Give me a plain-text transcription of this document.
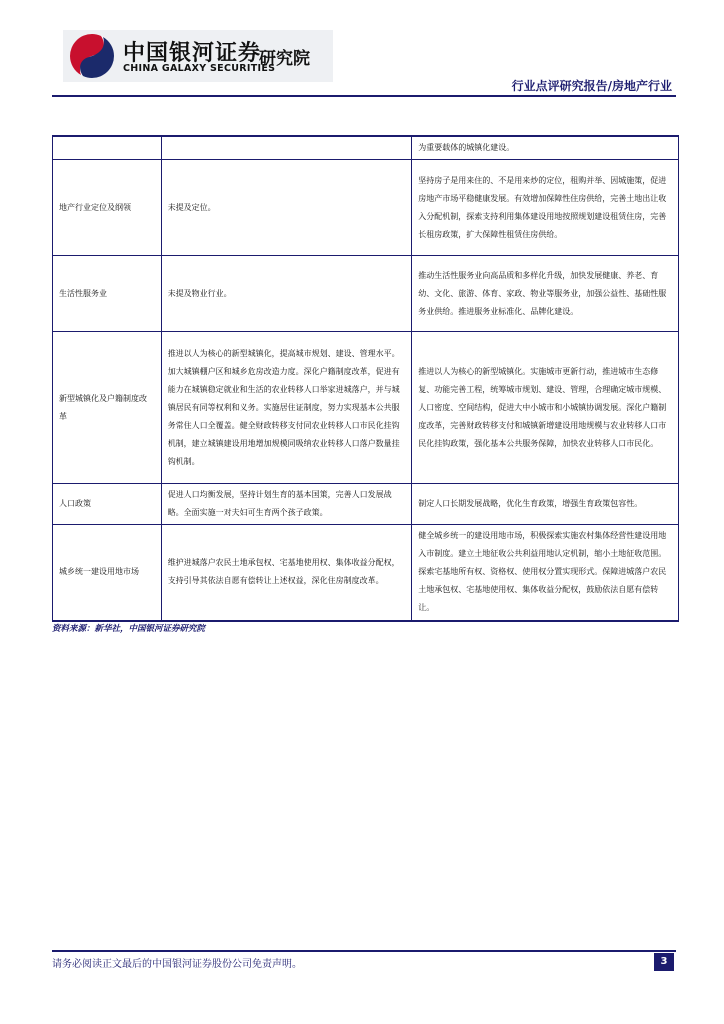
中国银河证券
CHINA GALAXY SECURITIES
研究院
行业点评研究报告/房地产行业
		为重要载体的城镇化建设。
地产行业定位及纲领	未提及定位。	坚持房子是用来住的、不是用来炒的定位，租购并举、因城施策，促进房地产市场平稳健康发展。有效增加保障性住房供给，完善土地出让收入分配机制，探索支持利用集体建设用地按照规划建设租赁住房，完善长租房政策，扩大保障性租赁住房供给。
生活性服务业	未提及物业行业。	推动生活性服务业向高品质和多样化升级，加快发展健康、养老、育幼、文化、旅游、体育、家政、物业等服务业，加强公益性、基础性服务业供给。推进服务业标准化、品牌化建设。
新型城镇化及户籍制度改革	推进以人为核心的新型城镇化，提高城市规划、建设、管理水平。加大城镇棚户区和城乡危房改造力度。深化户籍制度改革，促进有能力在城镇稳定就业和生活的农业转移人口举家进城落户，并与城镇居民有同等权利和义务。实施居住证制度，努力实现基本公共服务常住人口全覆盖。健全财政转移支付同农业转移人口市民化挂钩机制，建立城镇建设用地增加规模同吸纳农业转移人口落户数量挂钩机制。	推进以人为核心的新型城镇化。实施城市更新行动，推进城市生态修复、功能完善工程，统筹城市规划、建设、管理，合理确定城市规模、人口密度、空间结构，促进大中小城市和小城镇协调发展。深化户籍制度改革，完善财政转移支付和城镇新增建设用地规模与农业转移人口市民化挂钩政策，强化基本公共服务保障，加快农业转移人口市民化。
人口政策	促进人口均衡发展，坚持计划生育的基本国策，完善人口发展战略。全面实施一对夫妇可生育两个孩子政策。	制定人口长期发展战略，优化生育政策，增强生育政策包容性。
城乡统一建设用地市场	维护进城落户农民土地承包权、宅基地使用权、集体收益分配权，支持引导其依法自愿有偿转让上述权益，深化住房制度改革。	健全城乡统一的建设用地市场，积极探索实施农村集体经营性建设用地入市制度。建立土地征收公共利益用地认定机制，缩小土地征收范围。探索宅基地所有权、资格权、使用权分置实现形式。保障进城落户农民土地承包权、宅基地使用权、集体收益分配权，鼓励依法自愿有偿转让。
资料来源：新华社，中国银河证券研究院
请务必阅读正文最后的中国银河证券股份公司免责声明。	3
